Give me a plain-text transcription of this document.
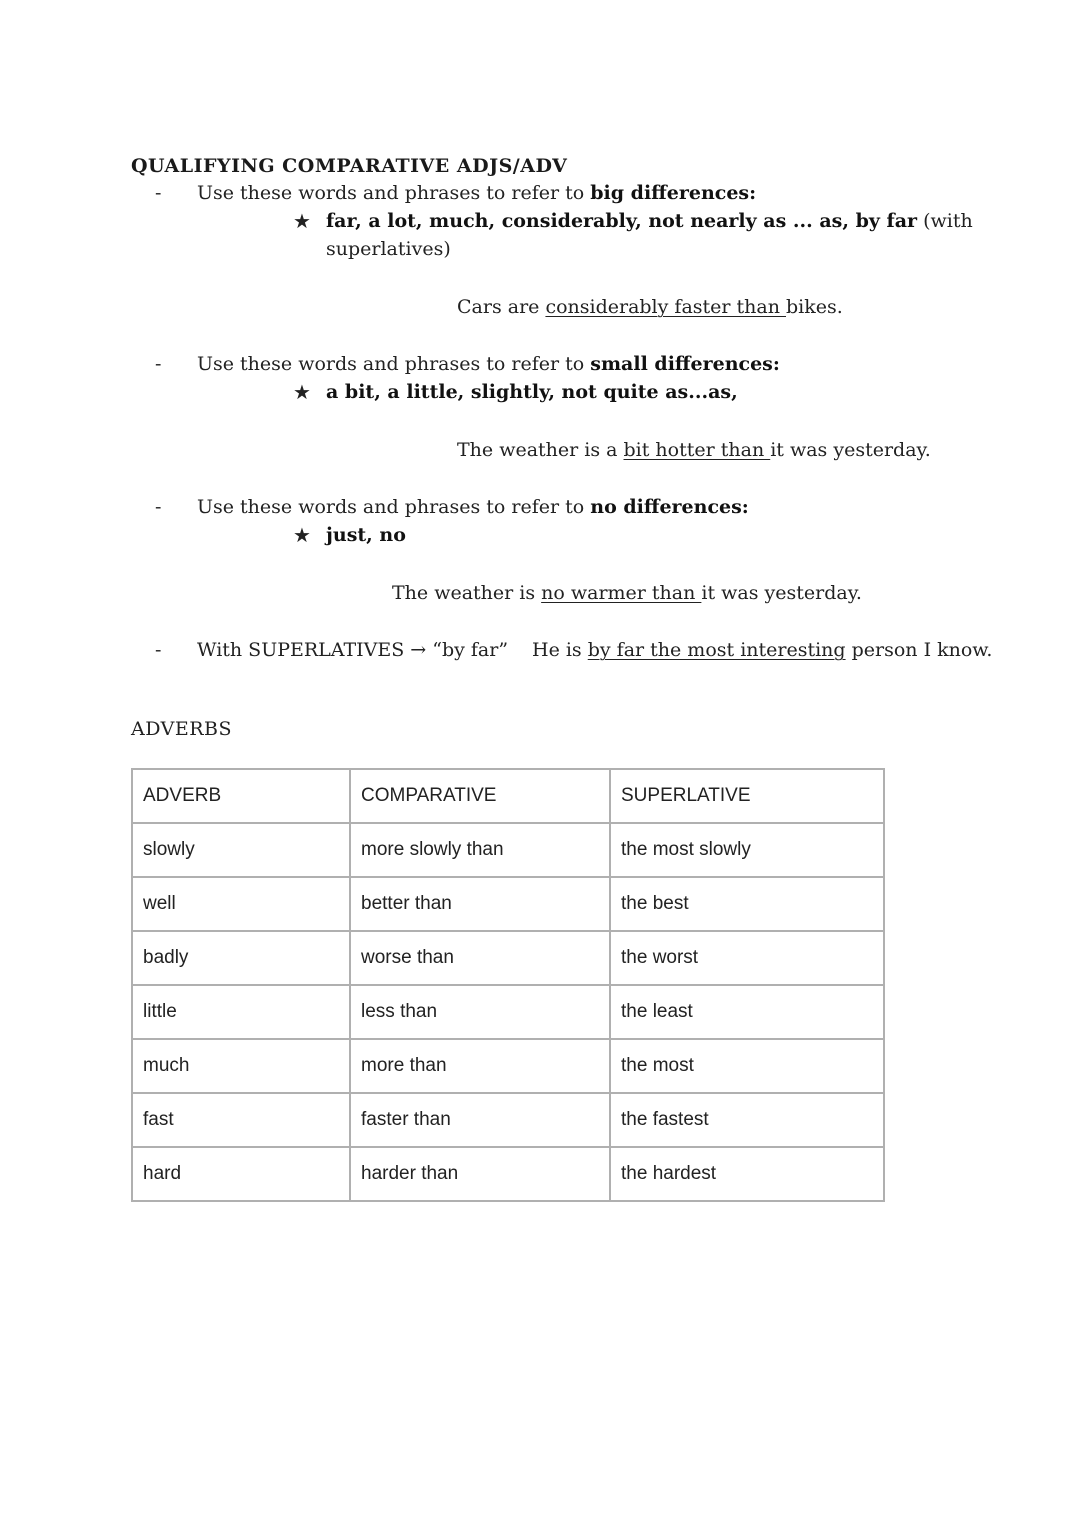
QUALIFYING COMPARATIVE ADJS/ADV
- Use these words and phrases to refer to big differences:
★ far, a lot, much, considerably, not nearly as ... as, by far (with
superlatives)
Cars are considerably faster than bikes.
- Use these words and phrases to refer to small differences:
★ a bit, a little, slightly, not quite as...as,
The weather is a bit hotter than it was yesterday.
- Use these words and phrases to refer to no differences:
★ just, no
The weather is no warmer than it was yesterday.
- With SUPERLATIVES → “by far” He is by far the most interesting person I know.
ADVERBS
ADVERB	COMPARATIVE	SUPERLATIVE
slowly	more slowly than	the most slowly
well	better than	the best
badly	worse than	the worst
little	less than	the least
much	more than	the most
fast	faster than	the fastest
hard	harder than	the hardest
